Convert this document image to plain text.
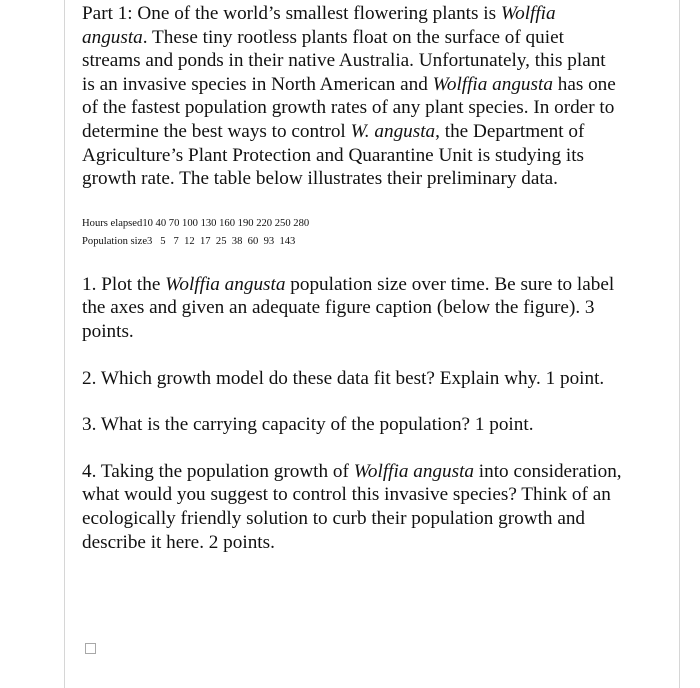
Part 1: One of the world’s smallest flowering plants is Wolffia angusta. These tiny rootless plants float on the surface of quiet streams and ponds in their native Australia. Unfortunately, this plant is an invasive species in North American and Wolffia angusta has one of the fastest population growth rates of any plant species. In order to determine the best ways to control W. angusta, the Department of Agriculture’s Plant Protection and Quarantine Unit is studying its growth rate. The table below illustrates their preliminary data.

Hours elapsed 10 40 70 100 130 160 190 220 250 280
Population size 3   5   7  12  17  25  38  60  93  143

1. Plot the Wolffia angusta population size over time. Be sure to label the axes and given an adequate figure caption (below the figure). 3 points.

2. Which growth model do these data fit best? Explain why. 1 point.

3. What is the carrying capacity of the population? 1 point.

4. Taking the population growth of Wolffia angusta into consideration, what would you suggest to control this invasive species? Think of an ecologically friendly solution to curb their population growth and describe it here. 2 points.
